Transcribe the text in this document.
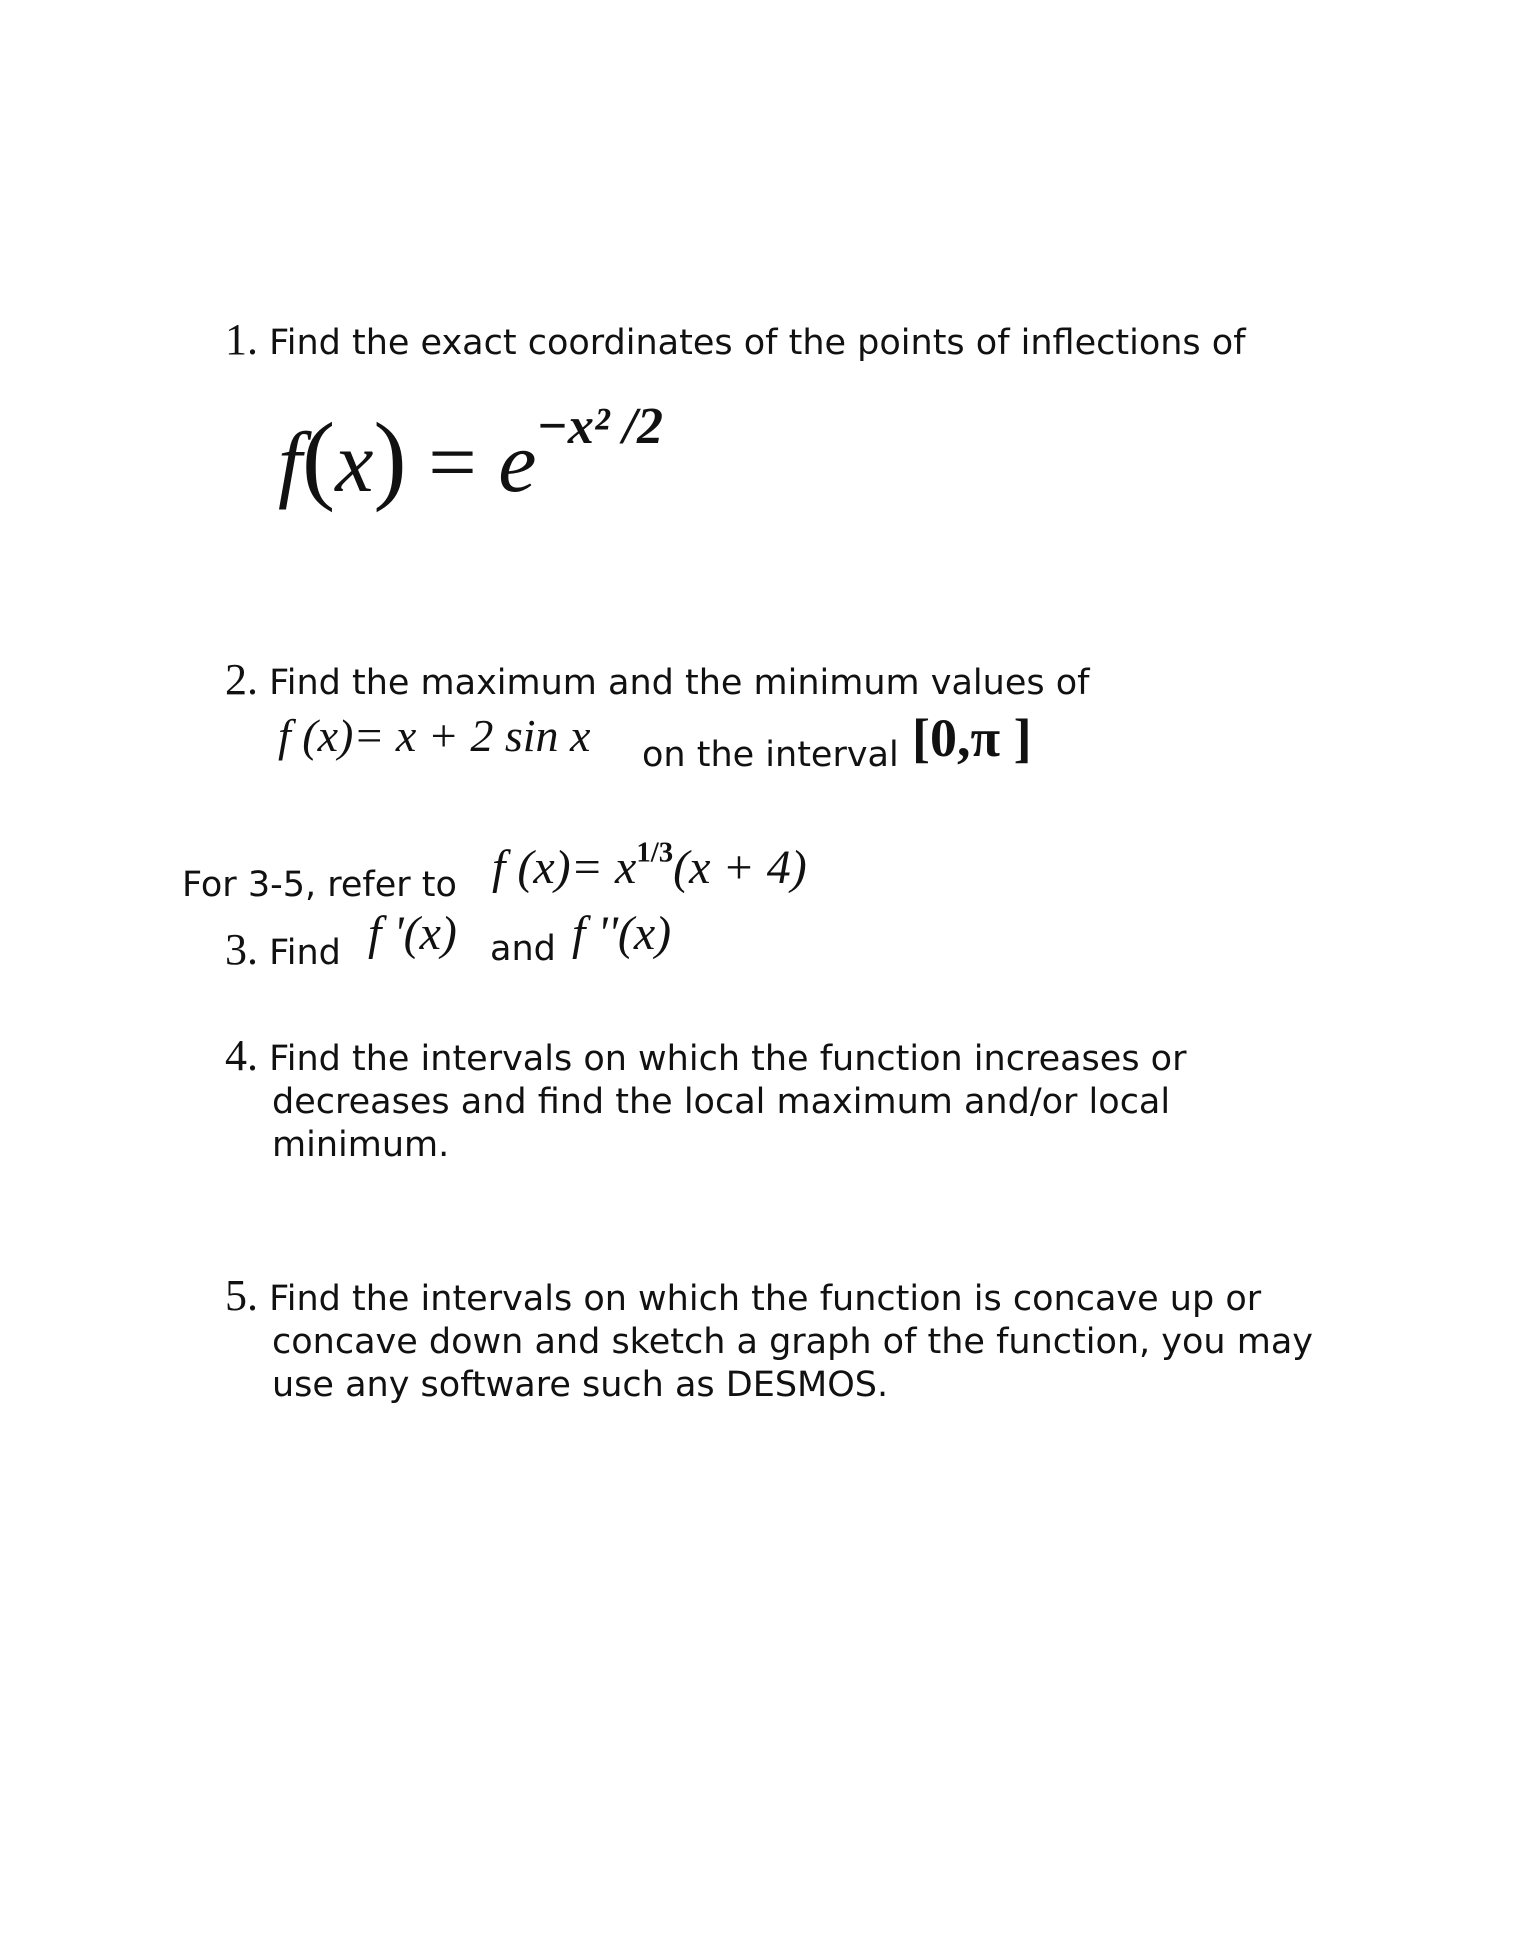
1. Find the exact coordinates of the points of inflections of
$f(x) = e^{-x^2 /2}$
2. Find the maximum and the minimum values of
f (x)= x + 2 sin x on the interval [0,π ]
For 3-5, refer to f $(x)= x^{1/3}(x + 4)$
3. Find f '(x) and f ''(x)
4. Find the intervals on which the function increases or
decreases and find the local maximum and/or local
minimum.
5. Find the intervals on which the function is concave up or
concave down and sketch a graph of the function, you may
use any software such as DESMOS.
